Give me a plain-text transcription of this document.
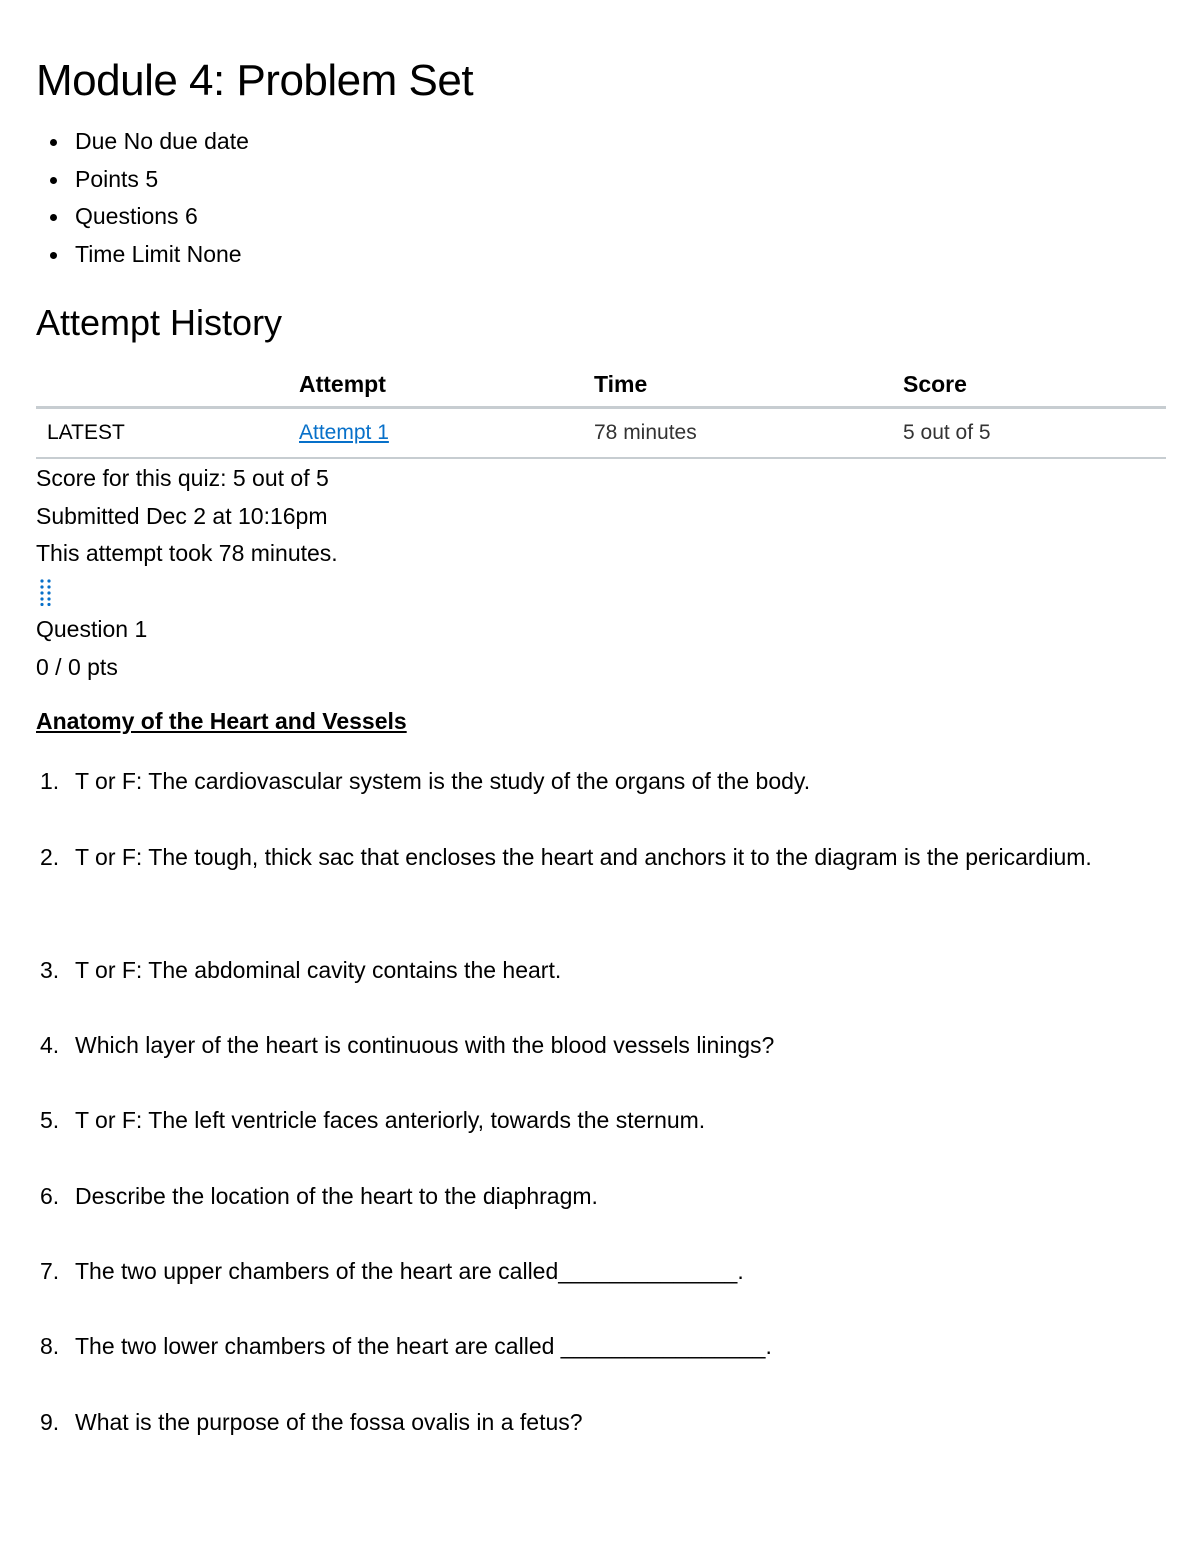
Module 4: Problem Set
Due No due date
Points 5
Questions 6
Time Limit None
Attempt History
	Attempt	Time	Score
LATEST	Attempt 1	78 minutes	5 out of 5
Score for this quiz: 5 out of 5
Submitted Dec 2 at 10:16pm
This attempt took 78 minutes.
Question 1
0 / 0 pts
Anatomy of the Heart and Vessels
1. T or F: The cardiovascular system is the study of the organs of the body.
2. T or F: The tough, thick sac that encloses the heart and anchors it to the diagram is the pericardium.
3. T or F: The abdominal cavity contains the heart.
4. Which layer of the heart is continuous with the blood vessels linings?
5. T or F: The left ventricle faces anteriorly, towards the sternum.
6. Describe the location of the heart to the diaphragm.
7. The two upper chambers of the heart are called______________.
8. The two lower chambers of the heart are called ________________.
9. What is the purpose of the fossa ovalis in a fetus?
